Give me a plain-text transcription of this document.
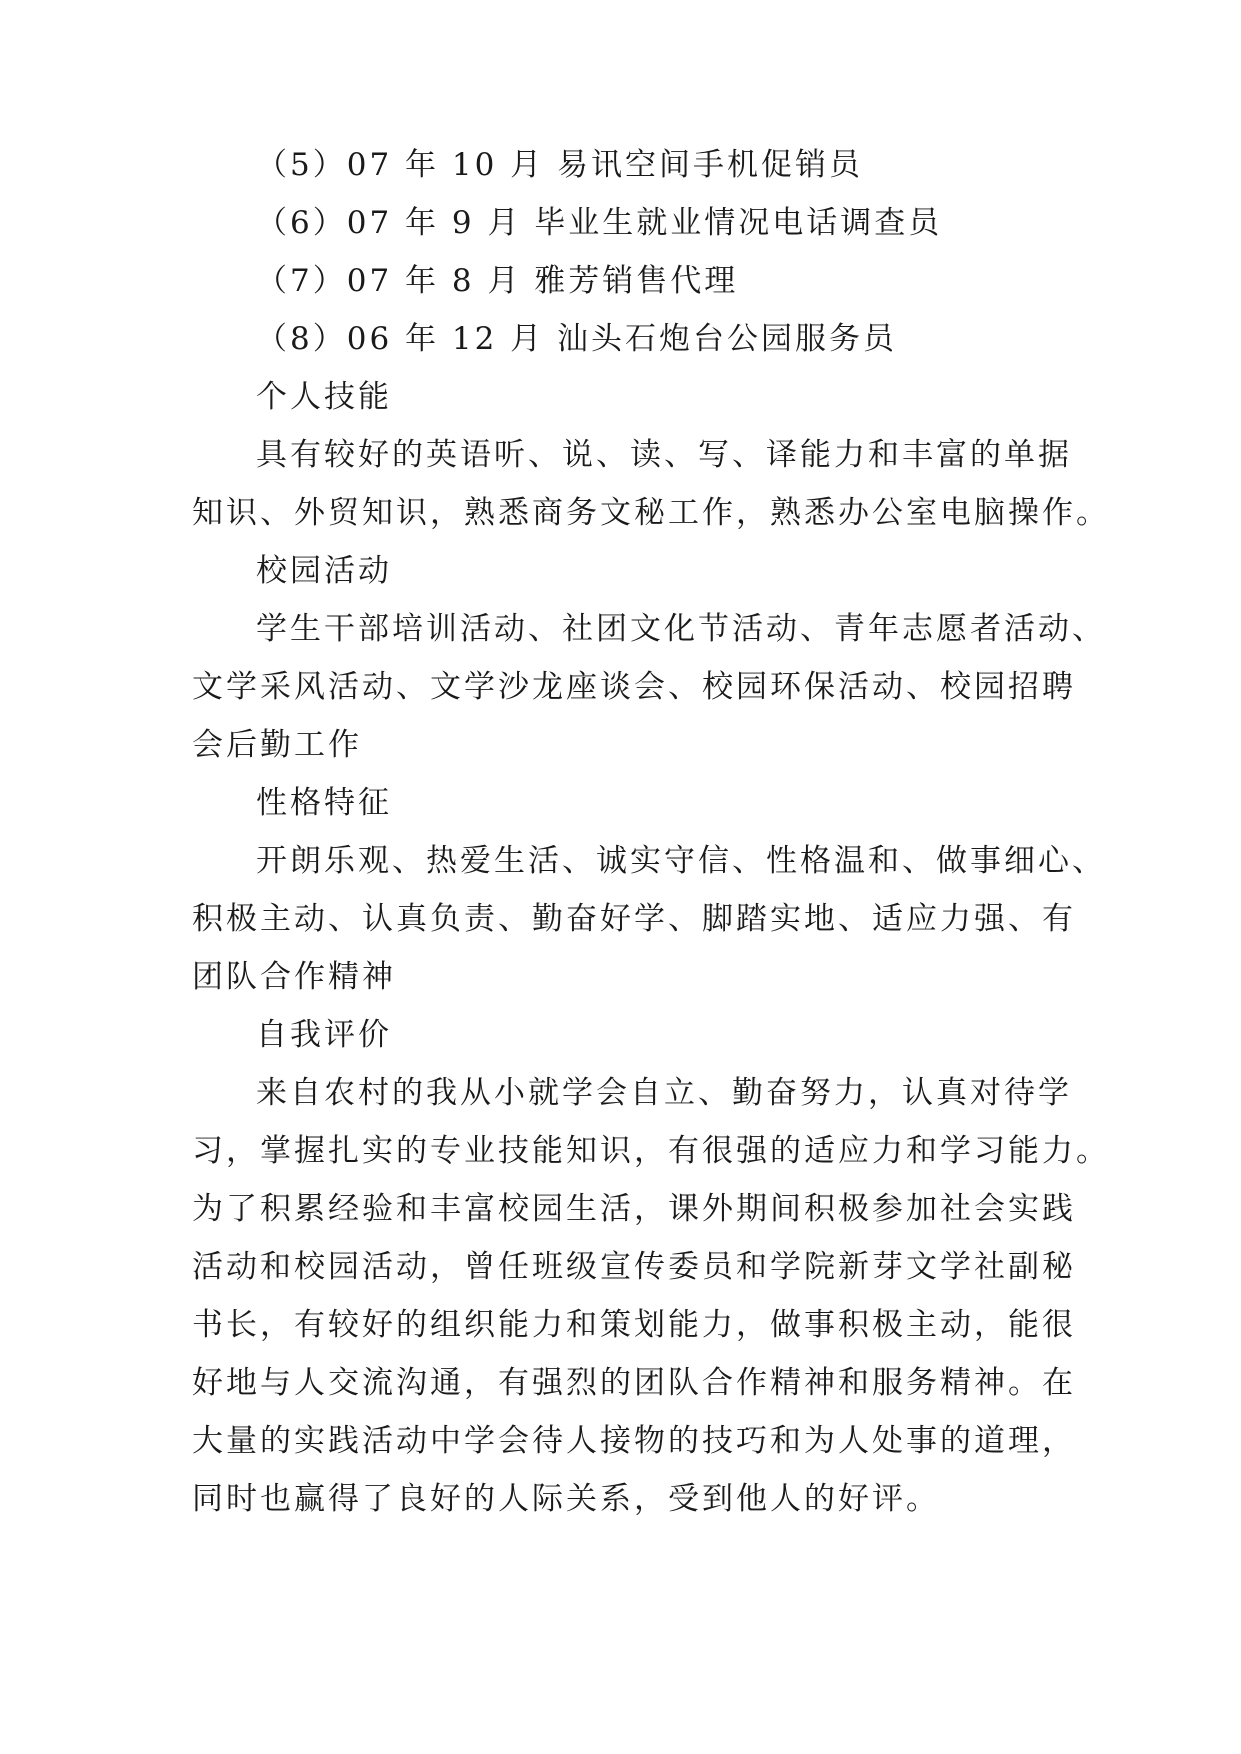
（5）07 年 10 月 易讯空间手机促销员
（6）07 年 9 月 毕业生就业情况电话调查员
（7）07 年 8 月 雅芳销售代理
（8）06 年 12 月 汕头石炮台公园服务员
个人技能
具有较好的英语听、说、读、写、译能力和丰富的单据
知识、外贸知识，熟悉商务文秘工作，熟悉办公室电脑操作。
校园活动
学生干部培训活动、社团文化节活动、青年志愿者活动、
文学采风活动、文学沙龙座谈会、校园环保活动、校园招聘
会后勤工作
性格特征
开朗乐观、热爱生活、诚实守信、性格温和、做事细心、
积极主动、认真负责、勤奋好学、脚踏实地、适应力强、有
团队合作精神
自我评价
来自农村的我从小就学会自立、勤奋努力，认真对待学
习，掌握扎实的专业技能知识，有很强的适应力和学习能力。
为了积累经验和丰富校园生活，课外期间积极参加社会实践
活动和校园活动，曾任班级宣传委员和学院新芽文学社副秘
书长，有较好的组织能力和策划能力，做事积极主动，能很
好地与人交流沟通，有强烈的团队合作精神和服务精神。在
大量的实践活动中学会待人接物的技巧和为人处事的道理，
同时也赢得了良好的人际关系，受到他人的好评。
